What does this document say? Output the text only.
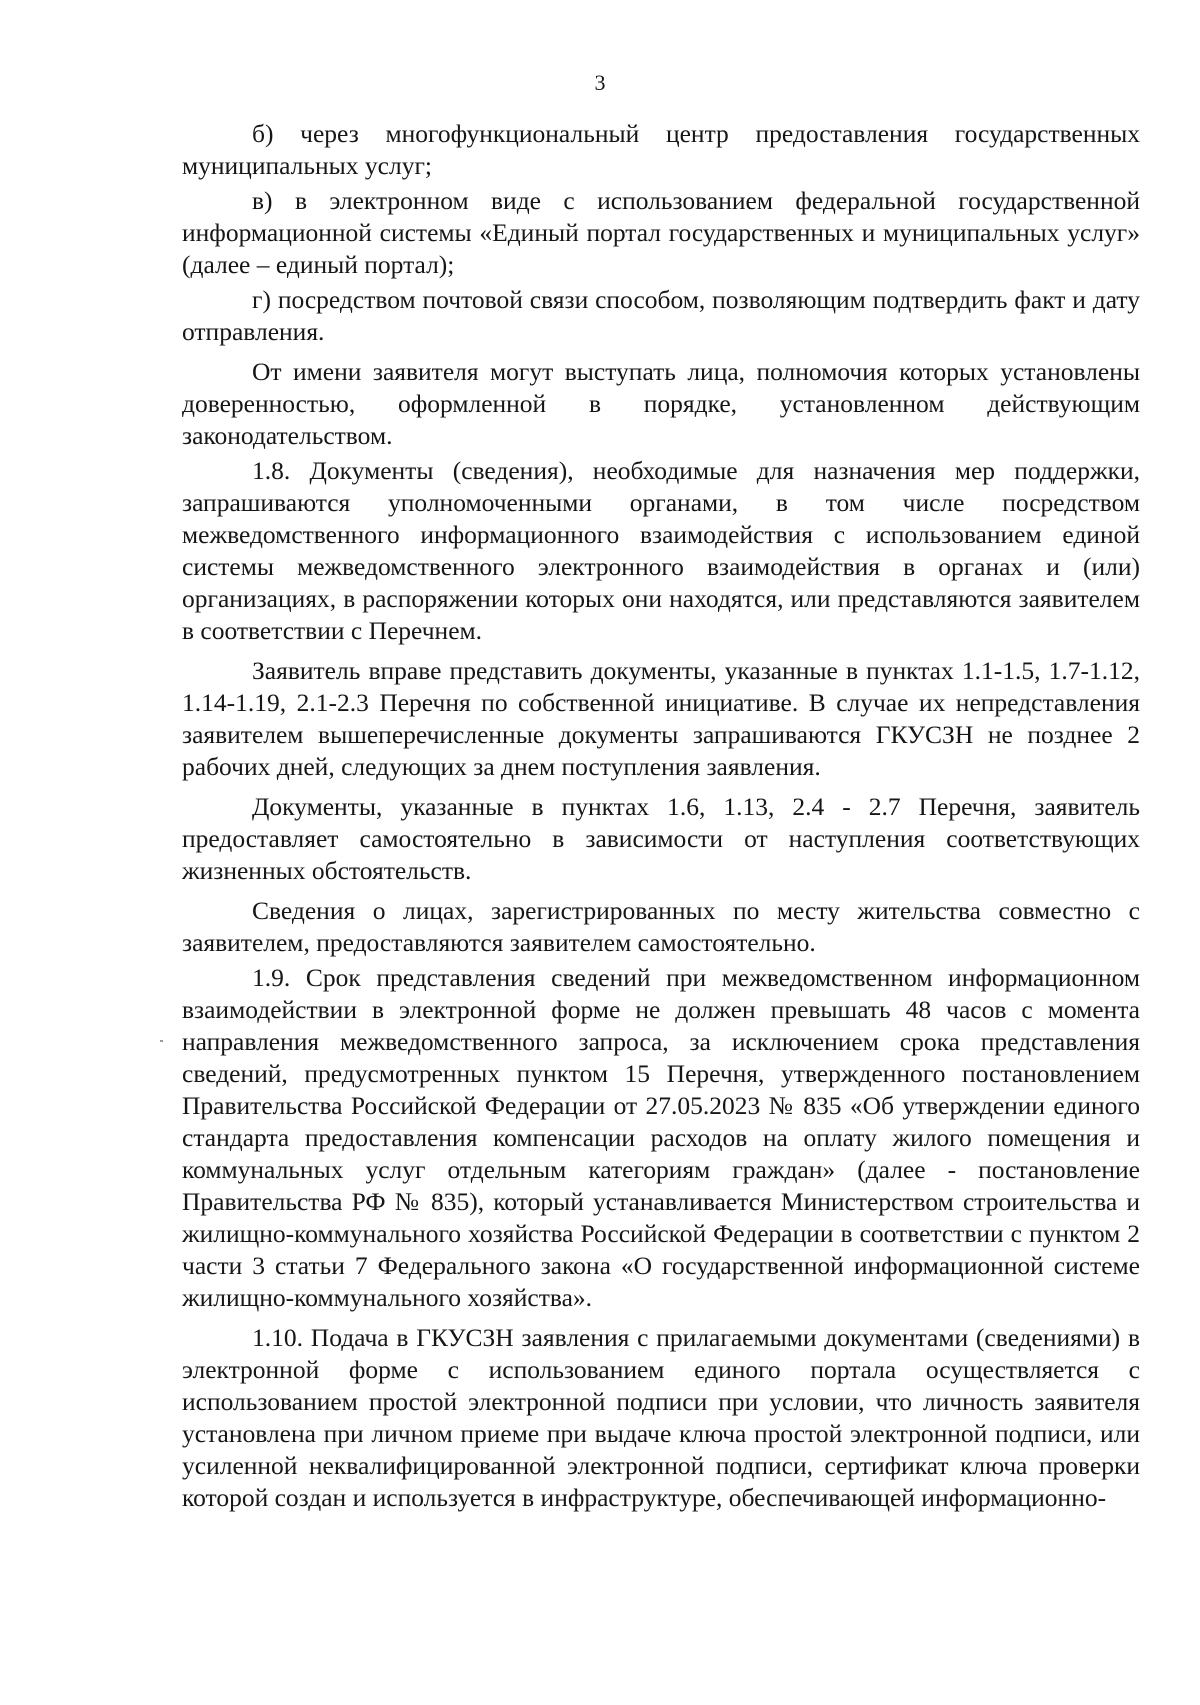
3

б) через многофункциональный центр предоставления государственных муниципальных услуг;

в) в электронном виде с использованием федеральной государственной информационной системы «Единый портал государственных и муниципальных услуг» (далее – единый портал);

г) посредством почтовой связи способом, позволяющим подтвердить факт и дату отправления.

От имени заявителя могут выступать лица, полномочия которых установлены доверенностью, оформленной в порядке, установленном действующим законодательством.

1.8. Документы (сведения), необходимые для назначения мер поддержки, запрашиваются уполномоченными органами, в том числе посредством межведомственного информационного взаимодействия с использованием единой системы межведомственного электронного взаимодействия в органах и (или) организациях, в распоряжении которых они находятся, или представляются заявителем в соответствии с Перечнем.

Заявитель вправе представить документы, указанные в пунктах 1.1-1.5, 1.7-1.12, 1.14-1.19, 2.1-2.3 Перечня по собственной инициативе. В случае их непредставления заявителем вышеперечисленные документы запрашиваются ГКУСЗН не позднее 2 рабочих дней, следующих за днем поступления заявления.

Документы, указанные в пунктах 1.6, 1.13, 2.4 - 2.7 Перечня, заявитель предоставляет самостоятельно в зависимости от наступления соответствующих жизненных обстоятельств.

Сведения о лицах, зарегистрированных по месту жительства совместно с заявителем, предоставляются заявителем самостоятельно.

1.9. Срок представления сведений при межведомственном информационном взаимодействии в электронной форме не должен превышать 48 часов с момента направления межведомственного запроса, за исключением срока представления сведений, предусмотренных пунктом 15 Перечня, утвержденного постановлением Правительства Российской Федерации от 27.05.2023 № 835 «Об утверждении единого стандарта предоставления компенсации расходов на оплату жилого помещения и коммунальных услуг отдельным категориям граждан» (далее - постановление Правительства РФ № 835), который устанавливается Министерством строительства и жилищно-коммунального хозяйства Российской Федерации в соответствии с пунктом 2 части 3 статьи 7 Федерального закона «О государственной информационной системе жилищно-коммунального хозяйства».

1.10. Подача в ГКУСЗН заявления с прилагаемыми документами (сведениями) в электронной форме с использованием единого портала осуществляется с использованием простой электронной подписи при условии, что личность заявителя установлена при личном приеме при выдаче ключа простой электронной подписи, или усиленной неквалифицированной электронной подписи, сертификат ключа проверки которой создан и используется в инфраструктуре, обеспечивающей информационно-
